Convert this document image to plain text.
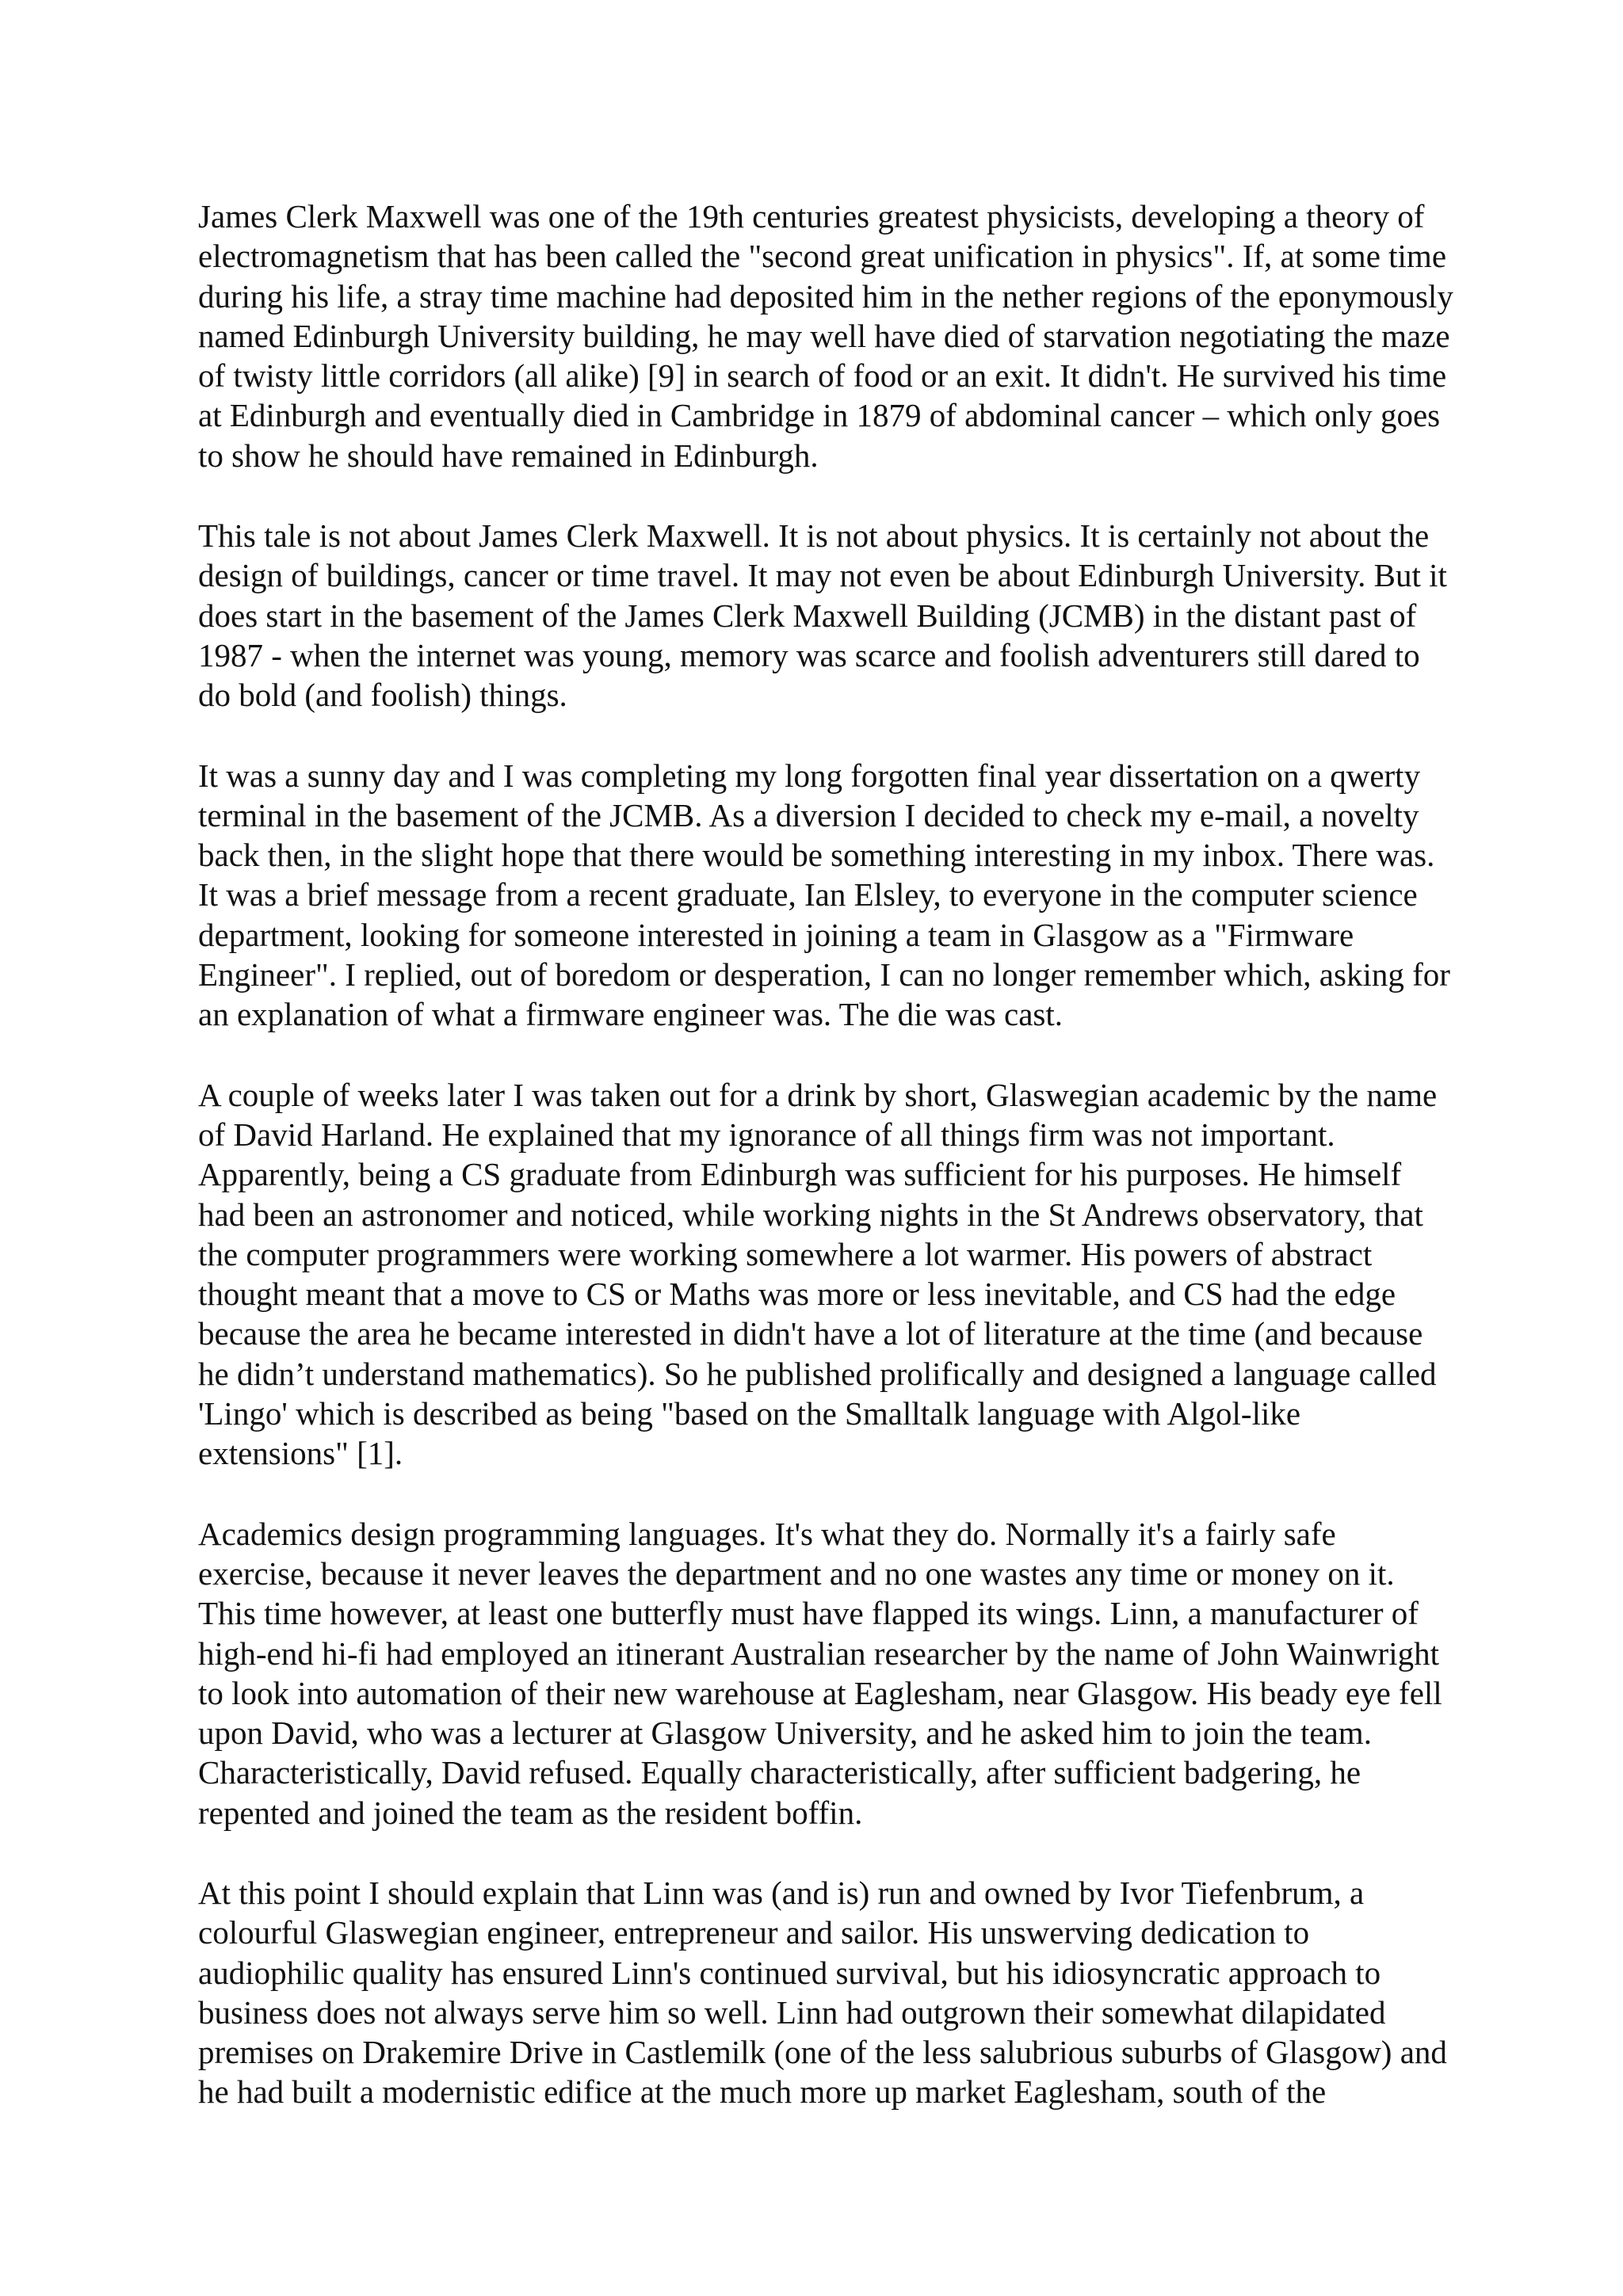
James Clerk Maxwell was one of the 19th centuries greatest physicists, developing a theory of electromagnetism that has been called the "second great unification in physics". If, at some time during his life, a stray time machine had deposited him in the nether regions of the eponymously named Edinburgh University building, he may well have died of starvation negotiating the maze of twisty little corridors (all alike) [9] in search of food or an exit. It didn't. He survived his time at Edinburgh and eventually died in Cambridge in 1879 of abdominal cancer – which only goes to show he should have remained in Edinburgh.

This tale is not about James Clerk Maxwell. It is not about physics. It is certainly not about the design of buildings, cancer or time travel. It may not even be about Edinburgh University. But it does start in the basement of the James Clerk Maxwell Building (JCMB) in the distant past of 1987 - when the internet was young, memory was scarce and foolish adventurers still dared to do bold (and foolish) things.

It was a sunny day and I was completing my long forgotten final year dissertation on a qwerty terminal in the basement of the JCMB. As a diversion I decided to check my e-mail, a novelty back then, in the slight hope that there would be something interesting in my inbox. There was. It was a brief message from a recent graduate, Ian Elsley, to everyone in the computer science department, looking for someone interested in joining a team in Glasgow as a "Firmware Engineer". I replied, out of boredom or desperation, I can no longer remember which, asking for an explanation of what a firmware engineer was. The die was cast.

A couple of weeks later I was taken out for a drink by short, Glaswegian academic by the name of David Harland. He explained that my ignorance of all things firm was not important. Apparently, being a CS graduate from Edinburgh was sufficient for his purposes. He himself had been an astronomer and noticed, while working nights in the St Andrews observatory, that the computer programmers were working somewhere a lot warmer. His powers of abstract thought meant that a move to CS or Maths was more or less inevitable, and CS had the edge because the area he became interested in didn't have a lot of literature at the time (and because he didn’t understand mathematics). So he published prolifically and designed a language called 'Lingo' which is described as being "based on the Smalltalk language with Algol-like extensions" [1].

Academics design programming languages. It's what they do. Normally it's a fairly safe exercise, because it never leaves the department and no one wastes any time or money on it. This time however, at least one butterfly must have flapped its wings. Linn, a manufacturer of high-end hi-fi had employed an itinerant Australian researcher by the name of John Wainwright to look into automation of their new warehouse at Eaglesham, near Glasgow. His beady eye fell upon David, who was a lecturer at Glasgow University, and he asked him to join the team. Characteristically, David refused. Equally characteristically, after sufficient badgering, he repented and joined the team as the resident boffin.

At this point I should explain that Linn was (and is) run and owned by Ivor Tiefenbrum, a colourful Glaswegian engineer, entrepreneur and sailor. His unswerving dedication to audiophilic quality has ensured Linn's continued survival, but his idiosyncratic approach to business does not always serve him so well. Linn had outgrown their somewhat dilapidated premises on Drakemire Drive in Castlemilk (one of the less salubrious suburbs of Glasgow) and he had built a modernistic edifice at the much more up market Eaglesham, south of the
